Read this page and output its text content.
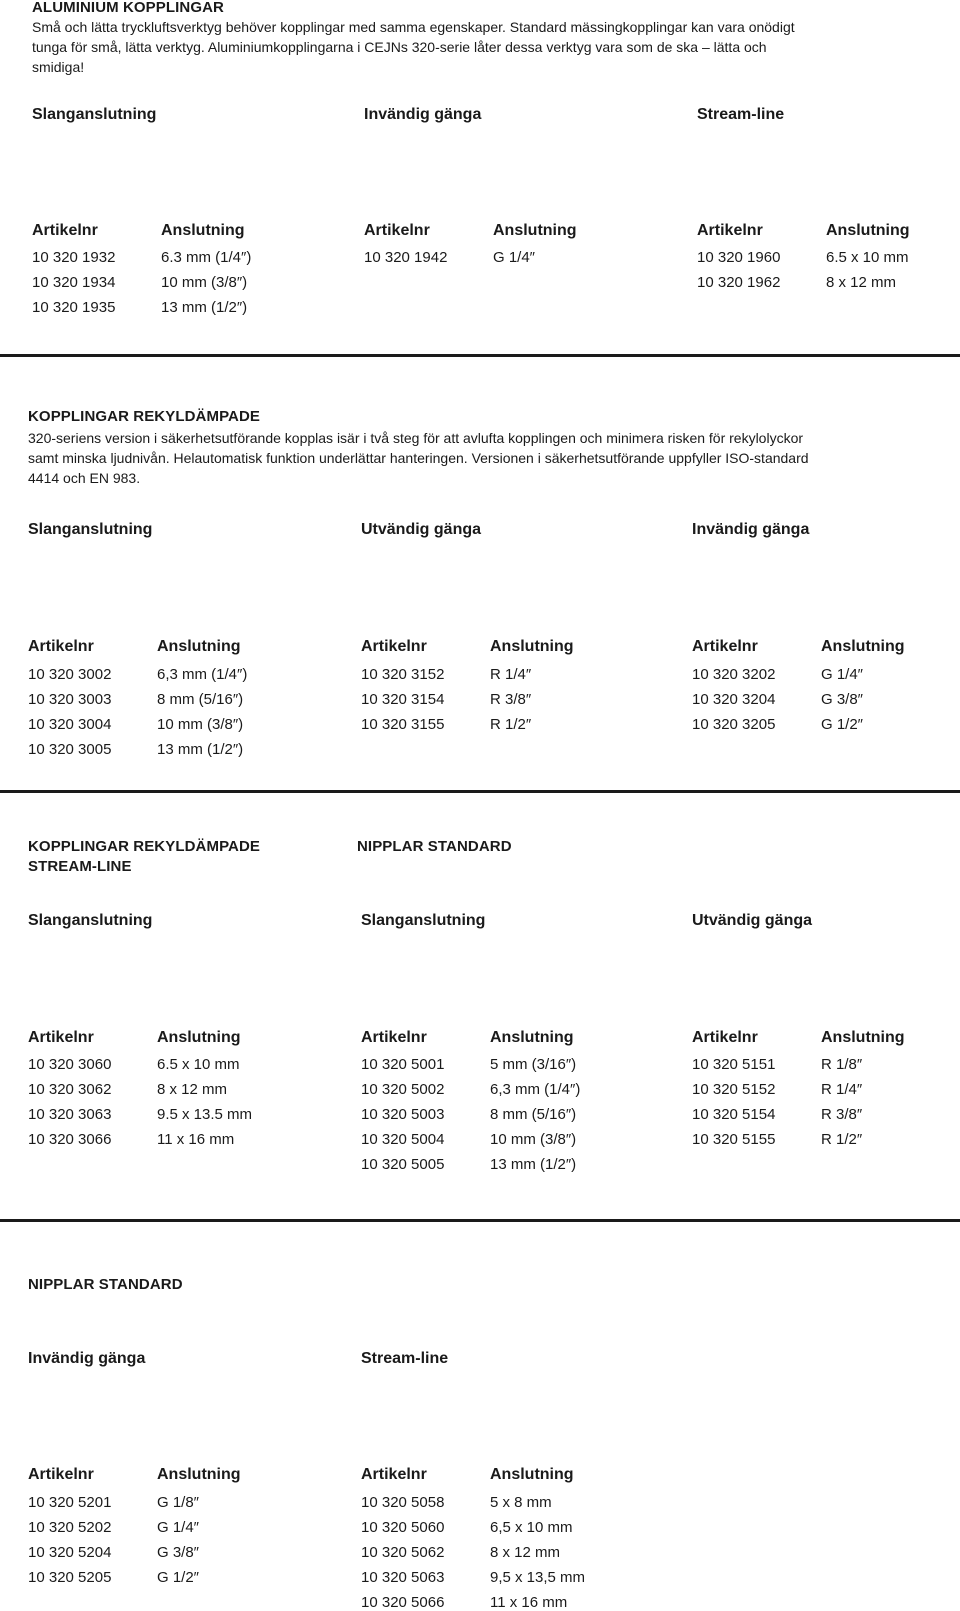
ALUMINIUM KOPPLINGAR
Små och lätta tryckluftsverktyg behöver kopplingar med samma egenskaper. Standard mässingkopplingar kan vara onödigt tunga för små, lätta verktyg. Aluminiumkopplingarna i CEJNs 320-serie låter dessa verktyg vara som de ska – lätta och smidiga!
KOPPLINGAR REKYLDÄMPADE
320-seriens version i säkerhetsutförande kopplas isär i två steg för att avlufta kopplingen och minimera risken för rekylolyckor samt minska ljudnivån. Helautomatisk funktion underlättar hanteringen. Versionen i säkerhetsutförande uppfyller ISO-standard 4414 och EN 983.
KOPPLINGAR REKYLDÄMPADE
STREAM-LINE
NIPPLAR STANDARD
NIPPLAR STANDARD
Slanganslutning
Artikelnr	Anslutning
10 320 1932	6.3 mm (1/4″)
10 320 1934	10 mm (3/8″)
10 320 1935	13 mm (1/2″)
Invändig gänga
Artikelnr	Anslutning
10 320 1942	G 1/4″
Stream-line
Artikelnr	Anslutning
10 320 1960	6.5 x 10 mm
10 320 1962	8 x 12 mm
Slanganslutning
Artikelnr	Anslutning
10 320 3002	6,3 mm (1/4″)
10 320 3003	8 mm (5/16″)
10 320 3004	10 mm (3/8″)
10 320 3005	13 mm (1/2″)
Utvändig gänga
Artikelnr	Anslutning
10 320 3152	R 1/4″
10 320 3154	R 3/8″
10 320 3155	R 1/2″
Invändig gänga
Artikelnr	Anslutning
10 320 3202	G 1/4″
10 320 3204	G 3/8″
10 320 3205	G 1/2″
Slanganslutning
Artikelnr	Anslutning
10 320 3060	6.5 x 10 mm
10 320 3062	8 x 12 mm
10 320 3063	9.5 x 13.5 mm
10 320 3066	11 x 16 mm
Slanganslutning
Artikelnr	Anslutning
10 320 5001	5 mm (3/16″)
10 320 5002	6,3 mm (1/4″)
10 320 5003	8 mm (5/16″)
10 320 5004	10 mm (3/8″)
10 320 5005	13 mm (1/2″)
Utvändig gänga
Artikelnr	Anslutning
10 320 5151	R 1/8″
10 320 5152	R 1/4″
10 320 5154	R 3/8″
10 320 5155	R 1/2″
Invändig gänga
Artikelnr	Anslutning
10 320 5201	G 1/8″
10 320 5202	G 1/4″
10 320 5204	G 3/8″
10 320 5205	G 1/2″
Stream-line
Artikelnr	Anslutning
10 320 5058	5 x 8 mm
10 320 5060	6,5 x 10 mm
10 320 5062	8 x 12 mm
10 320 5063	9,5 x 13,5 mm
10 320 5066	11 x 16 mm
